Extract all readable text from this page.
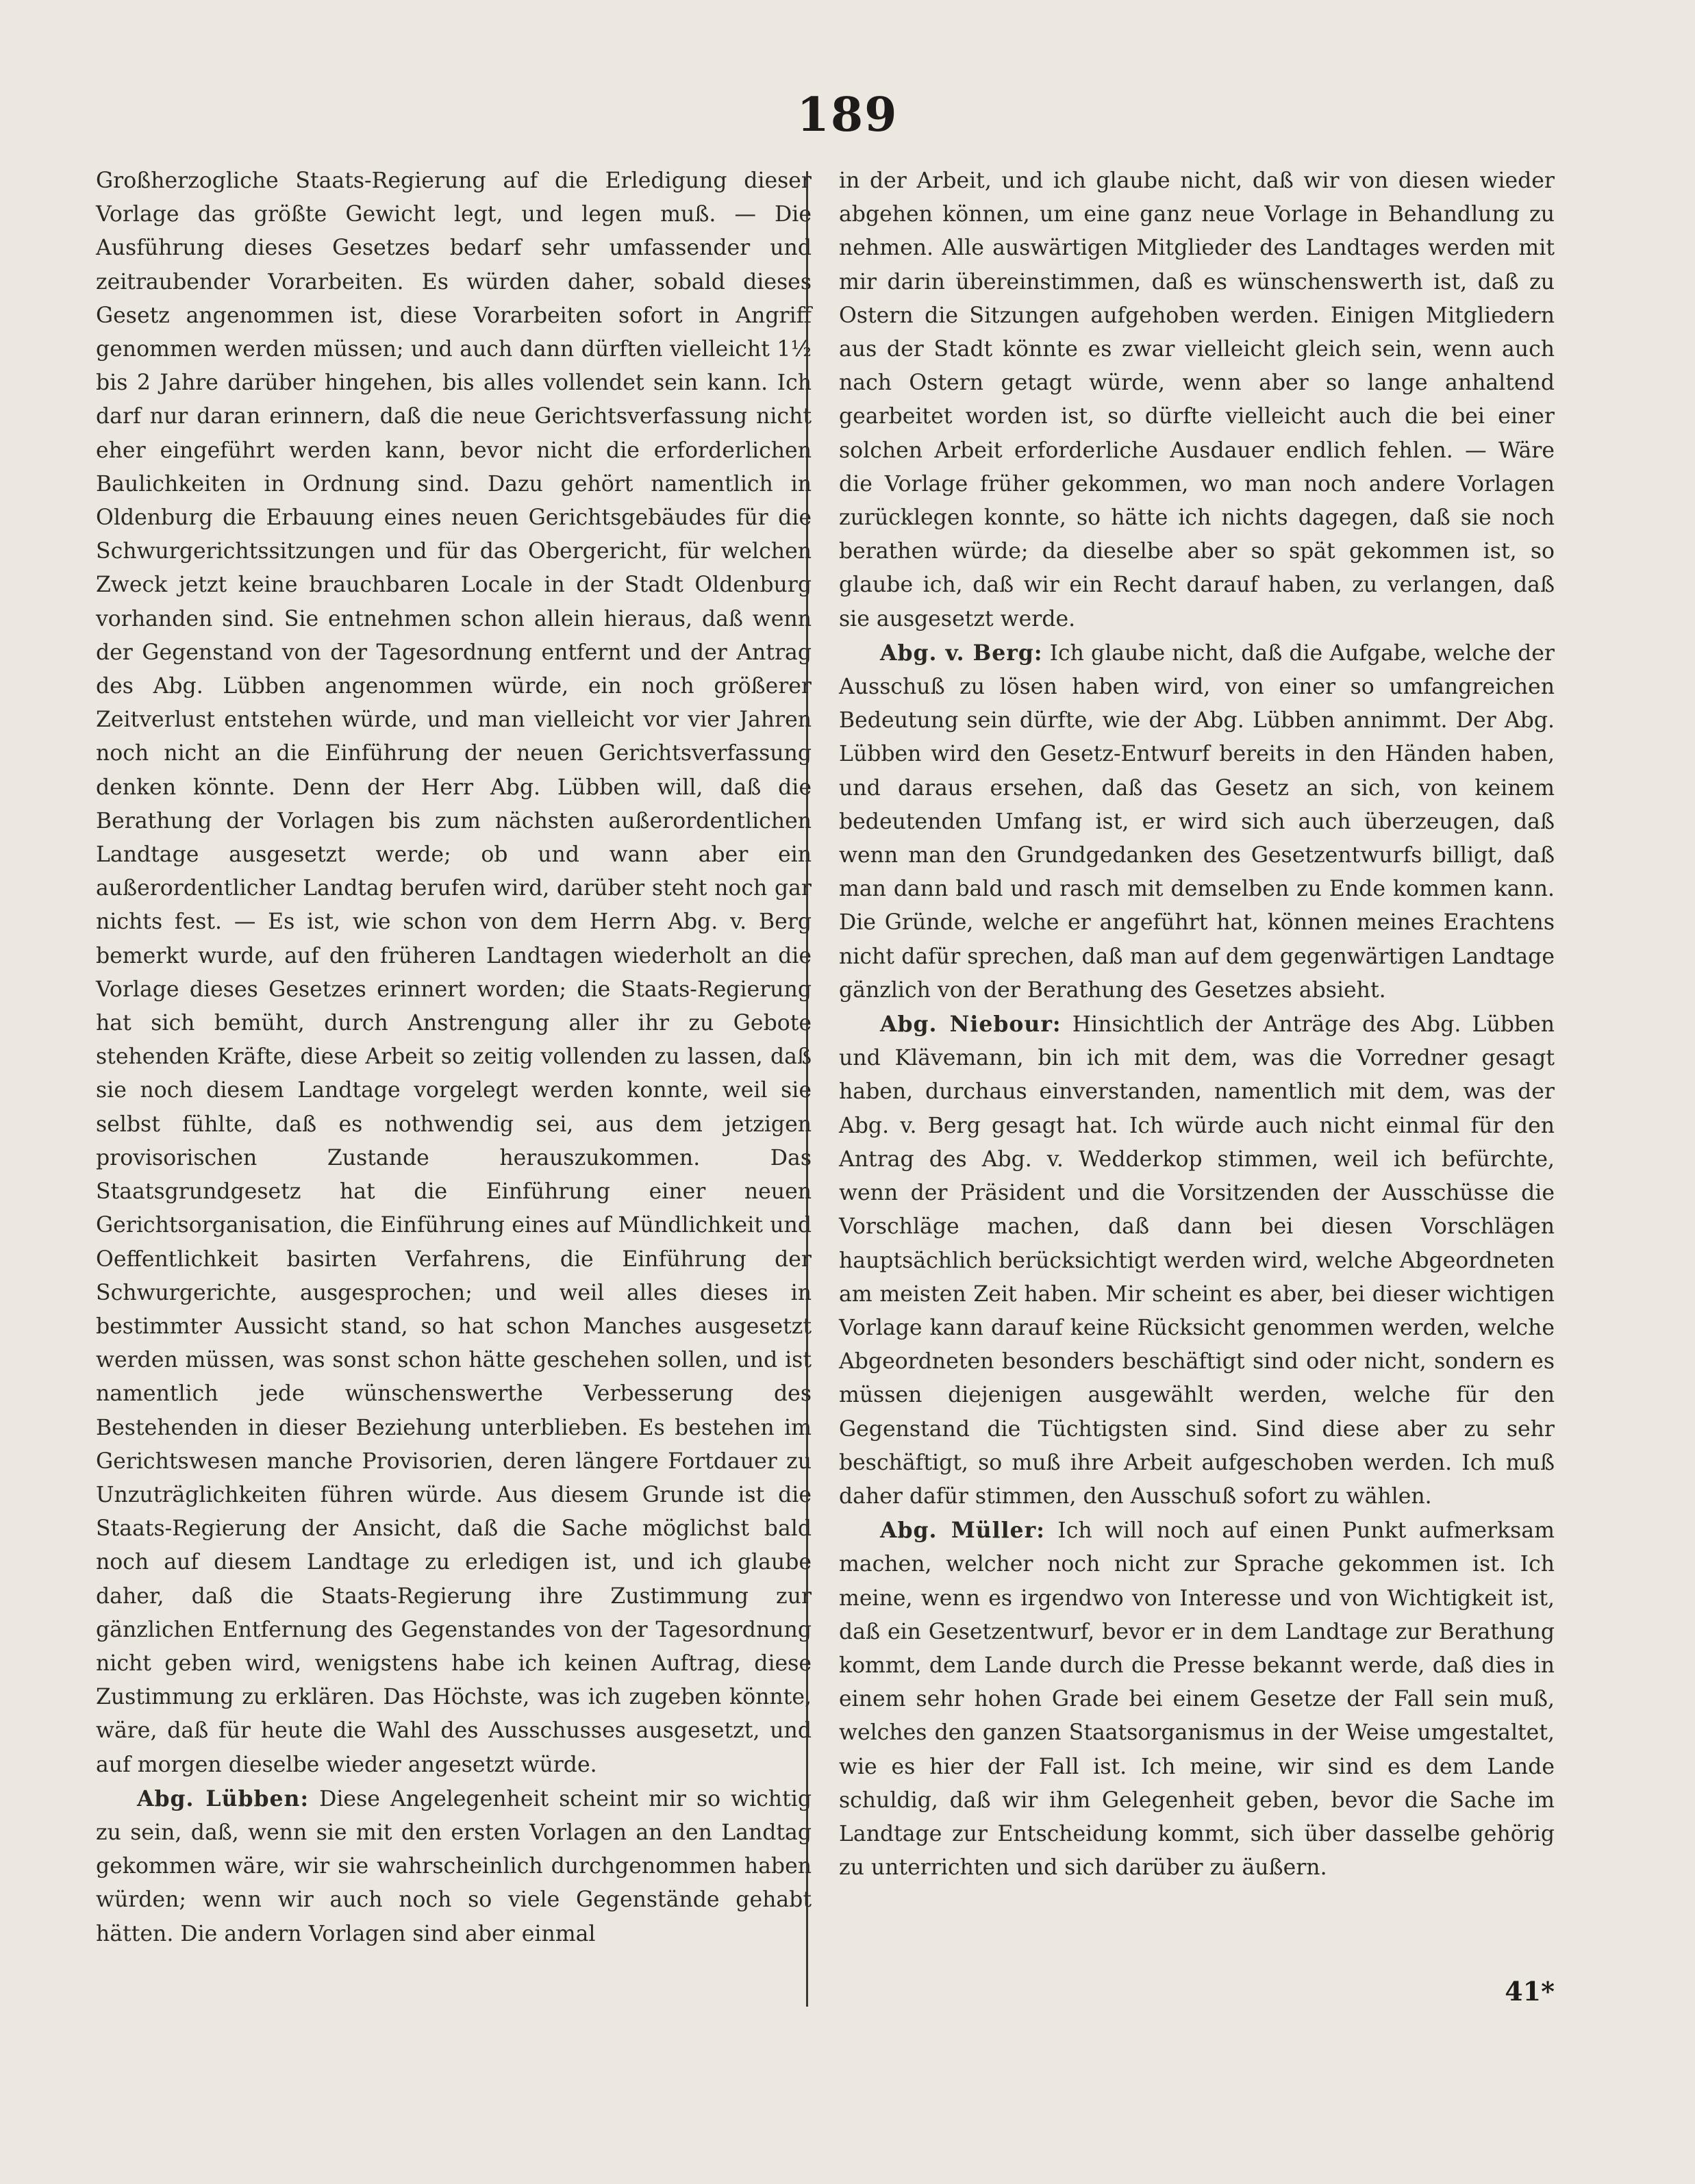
189

Großherzogliche Staats-Regierung auf die Erledigung dieser Vorlage das größte Gewicht legt, und legen muß. — Die Ausführung dieses Gesetzes bedarf sehr umfassender und zeitraubender Vorarbeiten. Es würden daher, sobald dieses Gesetz angenommen ist, diese Vorarbeiten sofort in Angriff genommen werden müssen; und auch dann dürften vielleicht 1½ bis 2 Jahre darüber hingehen, bis alles vollendet sein kann. Ich darf nur daran erinnern, daß die neue Gerichtsverfassung nicht eher eingeführt werden kann, bevor nicht die erforderlichen Baulichkeiten in Ordnung sind. Dazu gehört namentlich in Oldenburg die Erbauung eines neuen Gerichtsgebäudes für die Schwurgerichtssitzungen und für das Obergericht, für welchen Zweck jetzt keine brauchbaren Locale in der Stadt Oldenburg vorhanden sind. Sie entnehmen schon allein hieraus, daß wenn der Gegenstand von der Tagesordnung entfernt und der Antrag des Abg. Lübben angenommen würde, ein noch größerer Zeitverlust entstehen würde, und man vielleicht vor vier Jahren noch nicht an die Einführung der neuen Gerichtsverfassung denken könnte. Denn der Herr Abg. Lübben will, daß die Berathung der Vorlagen bis zum nächsten außerordentlichen Landtage ausgesetzt werde; ob und wann aber ein außerordentlicher Landtag berufen wird, darüber steht noch gar nichts fest. — Es ist, wie schon von dem Herrn Abg. v. Berg bemerkt wurde, auf den früheren Landtagen wiederholt an die Vorlage dieses Gesetzes erinnert worden; die Staats-Regierung hat sich bemüht, durch Anstrengung aller ihr zu Gebote stehenden Kräfte, diese Arbeit so zeitig vollenden zu lassen, daß sie noch diesem Landtage vorgelegt werden konnte, weil sie selbst fühlte, daß es nothwendig sei, aus dem jetzigen provisorischen Zustande herauszukommen. Das Staatsgrundgesetz hat die Einführung einer neuen Gerichtsorganisation, die Einführung eines auf Mündlichkeit und Oeffentlichkeit basirten Verfahrens, die Einführung der Schwurgerichte, ausgesprochen; und weil alles dieses in bestimmter Aussicht stand, so hat schon Manches ausgesetzt werden müssen, was sonst schon hätte geschehen sollen, und ist namentlich jede wünschenswerthe Verbesserung des Bestehenden in dieser Beziehung unterblieben. Es bestehen im Gerichtswesen manche Provisorien, deren längere Fortdauer zu Unzuträglichkeiten führen würde. Aus diesem Grunde ist die Staats-Regierung der Ansicht, daß die Sache möglichst bald noch auf diesem Landtage zu erledigen ist, und ich glaube daher, daß die Staats-Regierung ihre Zustimmung zur gänzlichen Entfernung des Gegenstandes von der Tagesordnung nicht geben wird, wenigstens habe ich keinen Auftrag, diese Zustimmung zu erklären. Das Höchste, was ich zugeben könnte, wäre, daß für heute die Wahl des Ausschusses ausgesetzt, und auf morgen dieselbe wieder angesetzt würde.

Abg. Lübben: Diese Angelegenheit scheint mir so wichtig zu sein, daß, wenn sie mit den ersten Vorlagen an den Landtag gekommen wäre, wir sie wahrscheinlich durchgenommen haben würden; wenn wir auch noch so viele Gegenstände gehabt hätten. Die andern Vorlagen sind aber einmal

in der Arbeit, und ich glaube nicht, daß wir von diesen wieder abgehen können, um eine ganz neue Vorlage in Behandlung zu nehmen. Alle auswärtigen Mitglieder des Landtages werden mit mir darin übereinstimmen, daß es wünschenswerth ist, daß zu Ostern die Sitzungen aufgehoben werden. Einigen Mitgliedern aus der Stadt könnte es zwar vielleicht gleich sein, wenn auch nach Ostern getagt würde, wenn aber so lange anhaltend gearbeitet worden ist, so dürfte vielleicht auch die bei einer solchen Arbeit erforderliche Ausdauer endlich fehlen. — Wäre die Vorlage früher gekommen, wo man noch andere Vorlagen zurücklegen konnte, so hätte ich nichts dagegen, daß sie noch berathen würde; da dieselbe aber so spät gekommen ist, so glaube ich, daß wir ein Recht darauf haben, zu verlangen, daß sie ausgesetzt werde.

Abg. v. Berg: Ich glaube nicht, daß die Aufgabe, welche der Ausschuß zu lösen haben wird, von einer so umfangreichen Bedeutung sein dürfte, wie der Abg. Lübben annimmt. Der Abg. Lübben wird den Gesetz-Entwurf bereits in den Händen haben, und daraus ersehen, daß das Gesetz an sich, von keinem bedeutenden Umfang ist, er wird sich auch überzeugen, daß wenn man den Grundgedanken des Gesetzentwurfs billigt, daß man dann bald und rasch mit demselben zu Ende kommen kann. Die Gründe, welche er angeführt hat, können meines Erachtens nicht dafür sprechen, daß man auf dem gegenwärtigen Landtage gänzlich von der Berathung des Gesetzes absieht.

Abg. Niebour: Hinsichtlich der Anträge des Abg. Lübben und Klävemann, bin ich mit dem, was die Vorredner gesagt haben, durchaus einverstanden, namentlich mit dem, was der Abg. v. Berg gesagt hat. Ich würde auch nicht einmal für den Antrag des Abg. v. Wedderkop stimmen, weil ich befürchte, wenn der Präsident und die Vorsitzenden der Ausschüsse die Vorschläge machen, daß dann bei diesen Vorschlägen hauptsächlich berücksichtigt werden wird, welche Abgeordneten am meisten Zeit haben. Mir scheint es aber, bei dieser wichtigen Vorlage kann darauf keine Rücksicht genommen werden, welche Abgeordneten besonders beschäftigt sind oder nicht, sondern es müssen diejenigen ausgewählt werden, welche für den Gegenstand die Tüchtigsten sind. Sind diese aber zu sehr beschäftigt, so muß ihre Arbeit aufgeschoben werden. Ich muß daher dafür stimmen, den Ausschuß sofort zu wählen.

Abg. Müller: Ich will noch auf einen Punkt aufmerksam machen, welcher noch nicht zur Sprache gekommen ist. Ich meine, wenn es irgendwo von Interesse und von Wichtigkeit ist, daß ein Gesetzentwurf, bevor er in dem Landtage zur Berathung kommt, dem Lande durch die Presse bekannt werde, daß dies in einem sehr hohen Grade bei einem Gesetze der Fall sein muß, welches den ganzen Staatsorganismus in der Weise umgestaltet, wie es hier der Fall ist. Ich meine, wir sind es dem Lande schuldig, daß wir ihm Gelegenheit geben, bevor die Sache im Landtage zur Entscheidung kommt, sich über dasselbe gehörig zu unterrichten und sich darüber zu äußern.

41*
